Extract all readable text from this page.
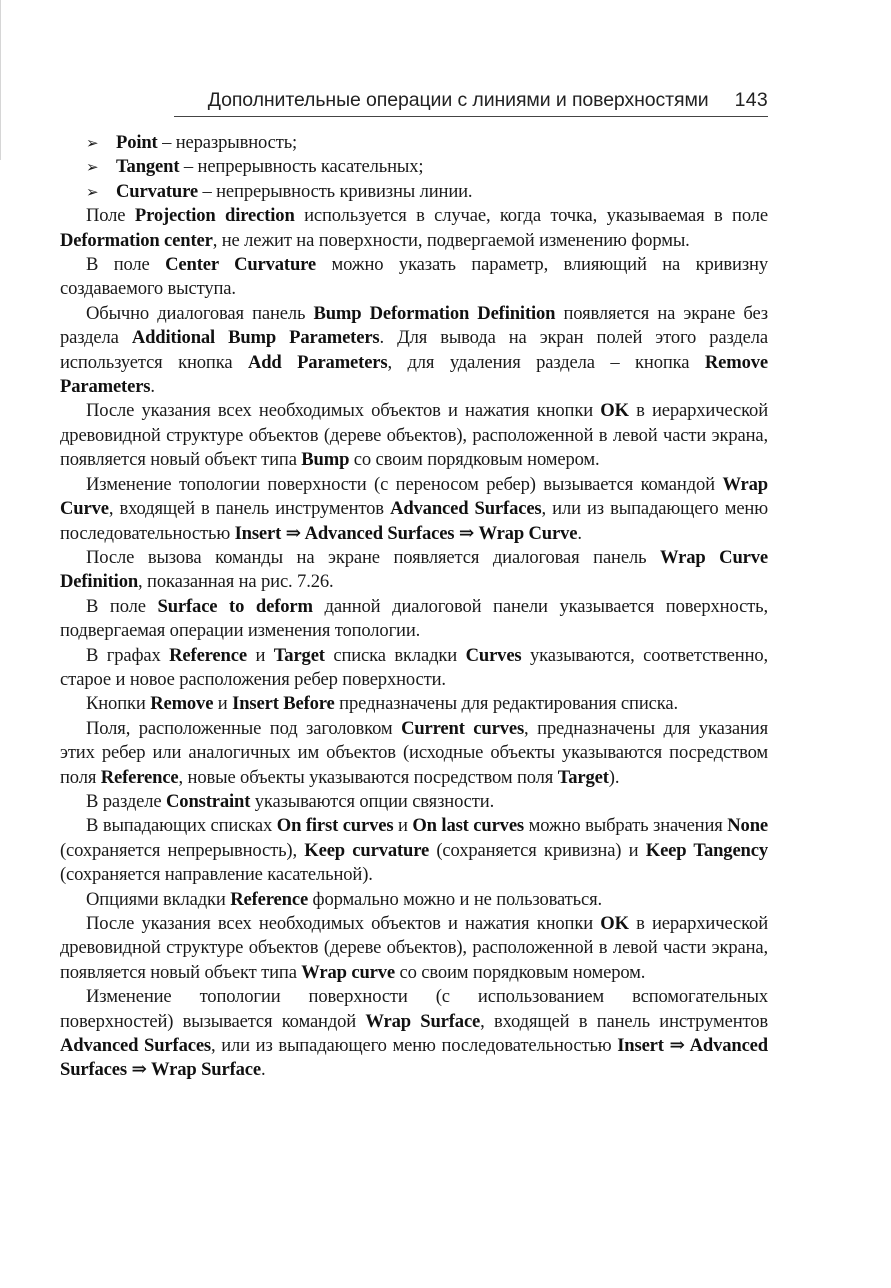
Дополнительные операции с линиями и поверхностями 143
➢ Point – неразрывность;
➢ Tangent – непрерывность касательных;
➢ Curvature – непрерывность кривизны линии.

Поле Projection direction используется в случае, когда точка, указываемая в поле Deformation center, не лежит на поверхности, подвергаемой изменению формы.

В поле Center Curvature можно указать параметр, влияющий на кривизну создаваемого выступа.

Обычно диалоговая панель Bump Deformation Definition появляется на экране без раздела Additional Bump Parameters. Для вывода на экран полей этого раздела используется кнопка Add Parameters, для удаления раздела – кнопка Remove Parameters.

После указания всех необходимых объектов и нажатия кнопки OK в иерархической древовидной структуре объектов (дереве объектов), расположенной в левой части экрана, появляется новый объект типа Bump со своим порядковым номером.

Изменение топологии поверхности (с переносом ребер) вызывается командой Wrap Curve, входящей в панель инструментов Advanced Surfaces, или из выпадающего меню последовательностью Insert ⇒ Advanced Surfaces ⇒ Wrap Curve.

После вызова команды на экране появляется диалоговая панель Wrap Curve Definition, показанная на рис. 7.26.

В поле Surface to deform данной диалоговой панели указывается поверхность, подвергаемая операции изменения топологии.

В графах Reference и Target списка вкладки Curves указываются, соответственно, старое и новое расположения ребер поверхности.

Кнопки Remove и Insert Before предназначены для редактирования списка.

Поля, расположенные под заголовком Current curves, предназначены для указания этих ребер или аналогичных им объектов (исходные объекты указываются посредством поля Reference, новые объекты указываются посредством поля Target).

В разделе Constraint указываются опции связности.

В выпадающих списках On first curves и On last curves можно выбрать значения None (сохраняется непрерывность), Keep curvature (сохраняется кривизна) и Keep Tangency (сохраняется направление касательной).

Опциями вкладки Reference формально можно и не пользоваться.

После указания всех необходимых объектов и нажатия кнопки OK в иерархической древовидной структуре объектов (дереве объектов), расположенной в левой части экрана, появляется новый объект типа Wrap curve со своим порядковым номером.

Изменение топологии поверхности (с использованием вспомогательных поверхностей) вызывается командой Wrap Surface, входящей в панель инструментов Advanced Surfaces, или из выпадающего меню последовательностью Insert ⇒ Advanced Surfaces ⇒ Wrap Surface.
